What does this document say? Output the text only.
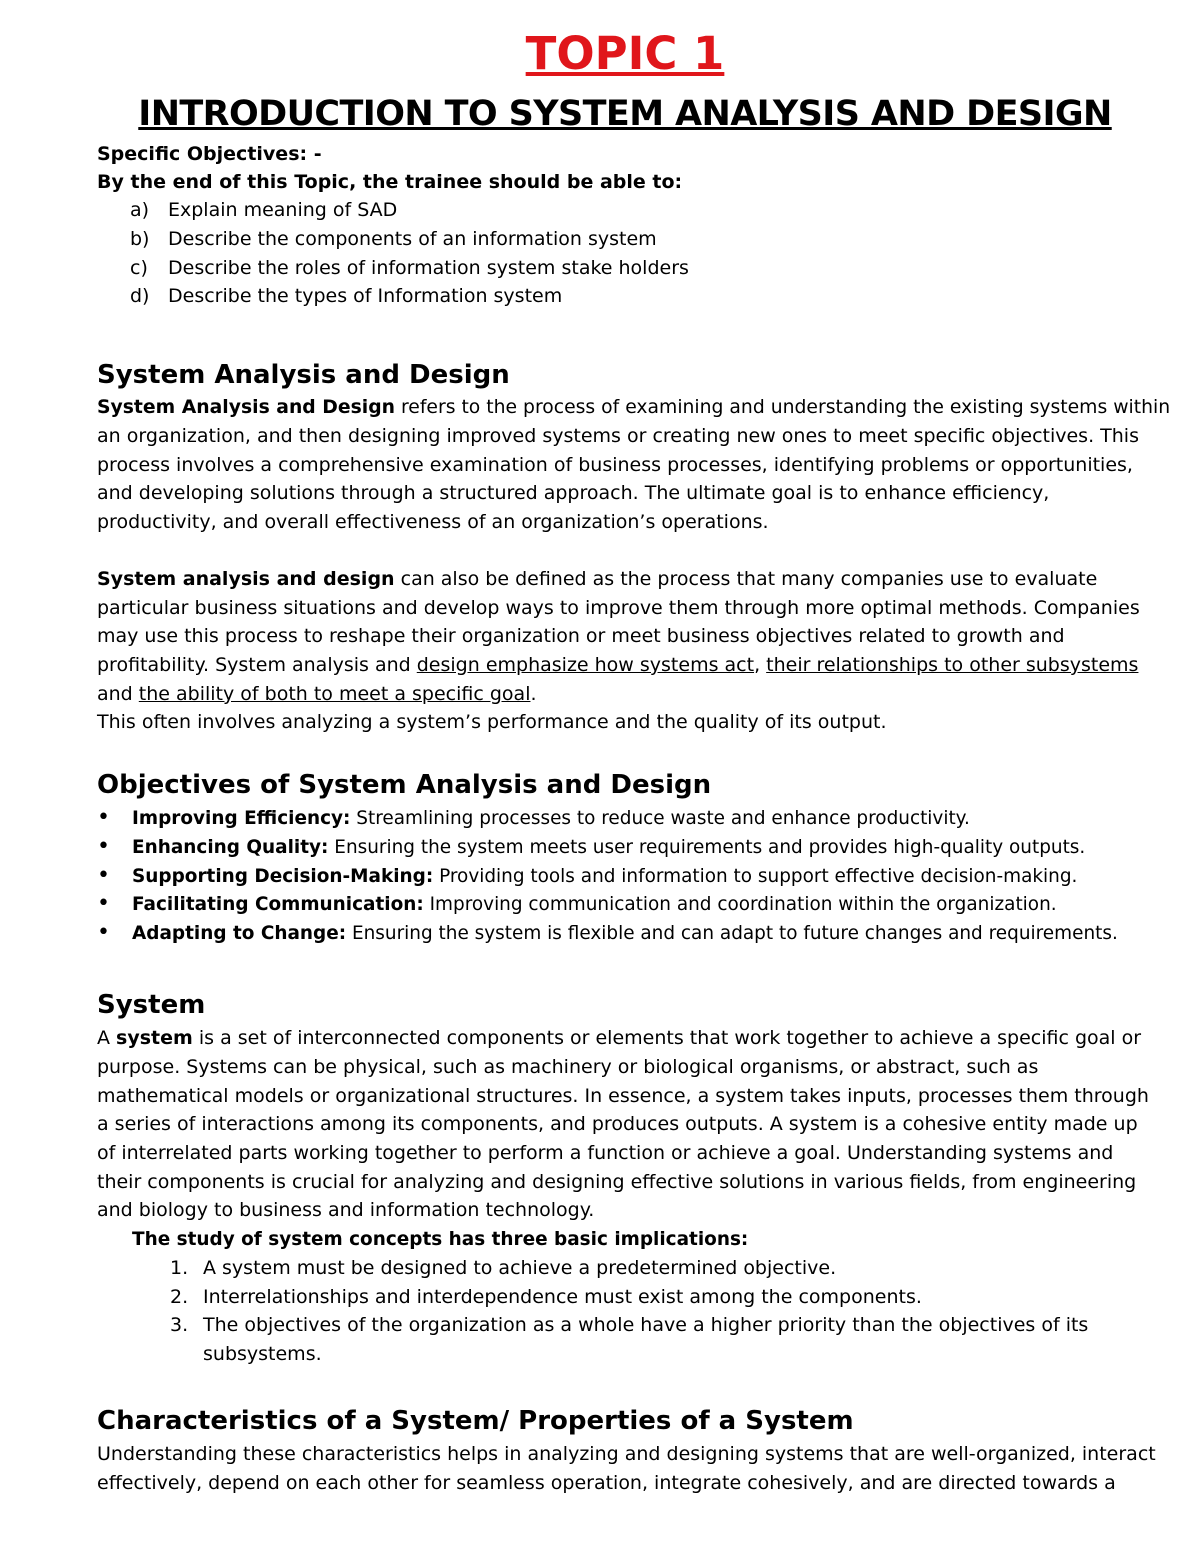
TOPIC 1
INTRODUCTION TO SYSTEM ANALYSIS AND DESIGN
Specific Objectives: -
By the end of this Topic, the trainee should be able to:
a) Explain meaning of SAD
b) Describe the components of an information system
c) Describe the roles of information system stake holders
d) Describe the types of Information system
System Analysis and Design
System Analysis and Design refers to the process of examining and understanding the existing systems within
an organization, and then designing improved systems or creating new ones to meet specific objectives. This
process involves a comprehensive examination of business processes, identifying problems or opportunities,
and developing solutions through a structured approach. The ultimate goal is to enhance efficiency,
productivity, and overall effectiveness of an organization’s operations.
System analysis and design can also be defined as the process that many companies use to evaluate
particular business situations and develop ways to improve them through more optimal methods. Companies
may use this process to reshape their organization or meet business objectives related to growth and
profitability. System analysis and design emphasize how systems act, their relationships to other subsystems
and the ability of both to meet a specific goal.
This often involves analyzing a system’s performance and the quality of its output.
Objectives of System Analysis and Design
• Improving Efficiency: Streamlining processes to reduce waste and enhance productivity.
• Enhancing Quality: Ensuring the system meets user requirements and provides high-quality outputs.
• Supporting Decision-Making: Providing tools and information to support effective decision-making.
• Facilitating Communication: Improving communication and coordination within the organization.
• Adapting to Change: Ensuring the system is flexible and can adapt to future changes and requirements.
System
A system is a set of interconnected components or elements that work together to achieve a specific goal or
purpose. Systems can be physical, such as machinery or biological organisms, or abstract, such as
mathematical models or organizational structures. In essence, a system takes inputs, processes them through
a series of interactions among its components, and produces outputs. A system is a cohesive entity made up
of interrelated parts working together to perform a function or achieve a goal. Understanding systems and
their components is crucial for analyzing and designing effective solutions in various fields, from engineering
and biology to business and information technology.
The study of system concepts has three basic implications:
1. A system must be designed to achieve a predetermined objective.
2. Interrelationships and interdependence must exist among the components.
3. The objectives of the organization as a whole have a higher priority than the objectives of its
subsystems.
Characteristics of a System/ Properties of a System
Understanding these characteristics helps in analyzing and designing systems that are well-organized, interact
effectively, depend on each other for seamless operation, integrate cohesively, and are directed towards a
